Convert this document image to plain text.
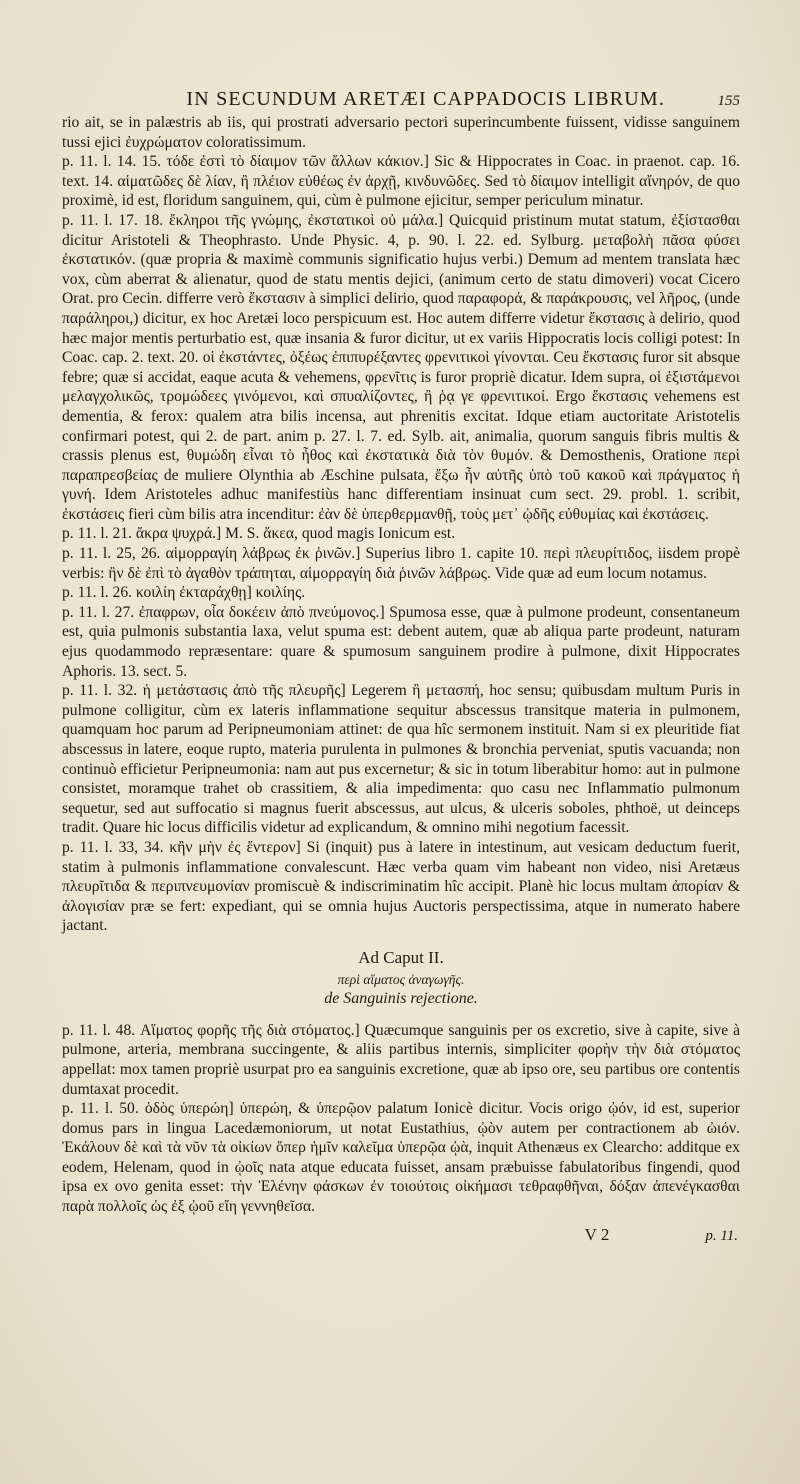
IN SECUNDUM ARETÆI CAPPADOCIS LIBRUM.	155

rio ait, se in palæstris ab iis, qui prostrati adversario pectori superincumbente fuissent, vidisse sanguinem tussi ejici ἐυχρώματον coloratissimum.

p. 11. l. 14. 15. τόδε ἐστὶ τὸ δίαιμον τῶν ἄλλων κάκιον.] Sic & Hippocrates in Coac. in praenot. cap. 16. text. 14. αἱματῶδες δὲ λίαν, ἢ πλέιον εὐθέως ἐν ἀρχῇ, κινδυνῶδες. Sed τὸ δίαιμον intelligit αἴνηρόν, de quo proximè, id est, floridum sanguinem, qui, cùm è pulmone ejicitur, semper periculum minatur.

p. 11. l. 17. 18. ἔκληροι τῆς γνώμης, ἐκστατικοὶ οὐ μάλα.] Quicquid pristinum mutat statum, ἐξίστασθαι dicitur Aristoteli & Theophrasto. Unde Physic. 4, p. 90. l. 22. ed. Sylburg. μεταβολὴ πᾶσα φύσει ἐκστατικόν. (quæ propria & maximè communis significatio hujus verbi.) Demum ad mentem translata hæc vox, cùm aberrat & alienatur, quod de statu mentis dejici, (animum certo de statu dimoveri) vocat Cicero Orat. pro Cecin. differre verò ἔκστασιν à simplici delirio, quod παραφορά, & παράκρουσις, vel λῆρος, (unde παράληροι,) dicitur, ex hoc Aretæi loco perspicuum est. Hoc autem differre videtur ἔκστασις à delirio, quod hæc major mentis perturbatio est, quæ insania & furor dicitur, ut ex variis Hippocratis locis colligi potest: In Coac. cap. 2. text. 20. οἱ ἐκστάντες, ὀξέως ἐπιπυρέξαντες φρενιτικοὶ γίνονται. Ceu ἔκστασις furor sit absque febre; quæ si accidat, eaque acuta & vehemens, φρενῖτις is furor propriè dicatur. Idem supra, οἱ ἐξιστάμενοι μελαγχολικῶς, τρομώδεες γινόμενοι, καὶ σπυαλίζοντες, ἢ ῥᾳ γε φρενιτικοί. Ergo ἔκστασις vehemens est dementia, & ferox: qualem atra bilis incensa, aut phrenitis excitat. Idque etiam auctoritate Aristotelis confirmari potest, qui 2. de part. anim p. 27. l. 7. ed. Sylb. ait, animalia, quorum sanguis fibris multis & crassis plenus est, θυμώδη εἶναι τὸ ἦθος καὶ ἐκστατικὰ διὰ τὸν θυμόν. & Demosthenis, Oratione περὶ παραπρεσβείας de muliere Olynthia ab Æschine pulsata, ἔξω ἦν αὐτῆς ὑπὸ τοῦ κακοῦ καὶ πράγματος ἡ γυνή. Idem Aristoteles adhuc manifestiùs hanc differentiam insinuat cum sect. 29. probl. 1. scribit, ἐκστάσεις fieri cùm bilis atra incenditur: ἐὰν δὲ ὑπερθερμανθῇ, τοὺς μετ᾽ ᾠδῆς εὐθυμίας καὶ ἐκστάσεις.

p. 11. l. 21. ἄκρα ψυχρά.] M. S. ἄκεα, quod magis Ionicum est.

p. 11. l. 25, 26. αἱμορραγίη λάβρως ἐκ ῥινῶν.] Superius libro 1. capite 10. περὶ πλευρίτιδος, iisdem propè verbis: ἢν δὲ ἐπὶ τὸ ἀγαθὸν τράπηται, αἱμορραγίη διὰ ῥινῶν λάβρως. Vide quæ ad eum locum notamus.

p. 11. l. 26. κοιλίη ἐκταράχθῃ] κοιλίης.

p. 11. l. 27. ἐπαφρων, οἷα δοκέειν ἀπὸ πνεύμονος.] Spumosa esse, quæ à pulmone prodeunt, consentaneum est, quia pulmonis substantia laxa, velut spuma est: debent autem, quæ ab aliqua parte prodeunt, naturam ejus quodammodo repræsentare: quare & spumosum sanguinem prodire à pulmone, dixit Hippocrates Aphoris. 13. sect. 5.

p. 11. l. 32. ἡ μετάστασις ἀπὸ τῆς πλευρῆς] Legerem ἢ μετασπή, hoc sensu; quibusdam multum Puris in pulmone colligitur, cùm ex lateris inflammatione sequitur abscessus transitque materia in pulmonem, quamquam hoc parum ad Peripneumoniam attinet: de qua hîc sermonem instituit. Nam si ex pleuritide fiat abscessus in latere, eoque rupto, materia purulenta in pulmones & bronchia perveniat, sputis vacuanda; non continuò efficietur Peripneumonia: nam aut pus excernetur; & sic in totum liberabitur homo: aut in pulmone consistet, moramque trahet ob crassitiem, & alia impedimenta: quo casu nec Inflammatio pulmonum sequetur, sed aut suffocatio si magnus fuerit abscessus, aut ulcus, & ulceris soboles, phthoë, ut deinceps tradit. Quare hic locus difficilis videtur ad explicandum, & omnino mihi negotium facessit.

p. 11. l. 33, 34. κἢν μὴν ἐς ἔντερον] Si (inquit) pus à latere in intestinum, aut vesicam deductum fuerit, statim à pulmonis inflammatione convalescunt. Hæc verba quam vim habeant non video, nisi Aretæus πλευρῖτιδα & περιπνευμονίαν promiscuè & indiscriminatim hîc accipit. Planè hic locus multam ἀπορίαν & ἀλογισίαν præ se fert: expediant, qui se omnia hujus Auctoris perspectissima, atque in numerato habere jactant.

Ad Caput II.
περὶ αἵματος ἀναγωγῆς.
de Sanguinis rejectione.

p. 11. l. 48. Αἵματος φορῆς τῆς διὰ στόματος.] Quæcumque sanguinis per os excretio, sive à capite, sive à pulmone, arteria, membrana succingente, & aliis partibus internis, simpliciter φορὴν τὴν διὰ στόματος appellat: mox tamen propriè usurpat pro ea sanguinis excretione, quæ ab ipso ore, seu partibus ore contentis dumtaxat procedit.

p. 11. l. 50. ὁδὸς ὑπερώη] ὑπερώη, & ὑπερῷον palatum Ionicè dicitur. Vocis origo ᾠόν, id est, superior domus pars in lingua Lacedæmoniorum, ut notat Eustathius, ᾠὸν autem per contractionem ab ὠιόν. Ἐκάλουν δὲ καὶ τὰ νῦν τὰ οἰκίων ὅπερ ἡμῖν καλεῖμα ὑπερῷα ᾠὰ, inquit Athenæus ex Clearcho: additque ex eodem, Helenam, quod in ᾠοῖς nata atque educata fuisset, ansam præbuisse fabulatoribus fingendi, quod ipsa ex ovo genita esset: τὴν Ἑλένην φάσκων ἐν τοιούτοις οἰκήμασι τεθραφθῆναι, δόξαν ἀπενέγκασθαι παρὰ πολλοῖς ὡς ἐξ ᾠοῦ εἴη γεννηθεῖσα.

V 2	p. 11.
